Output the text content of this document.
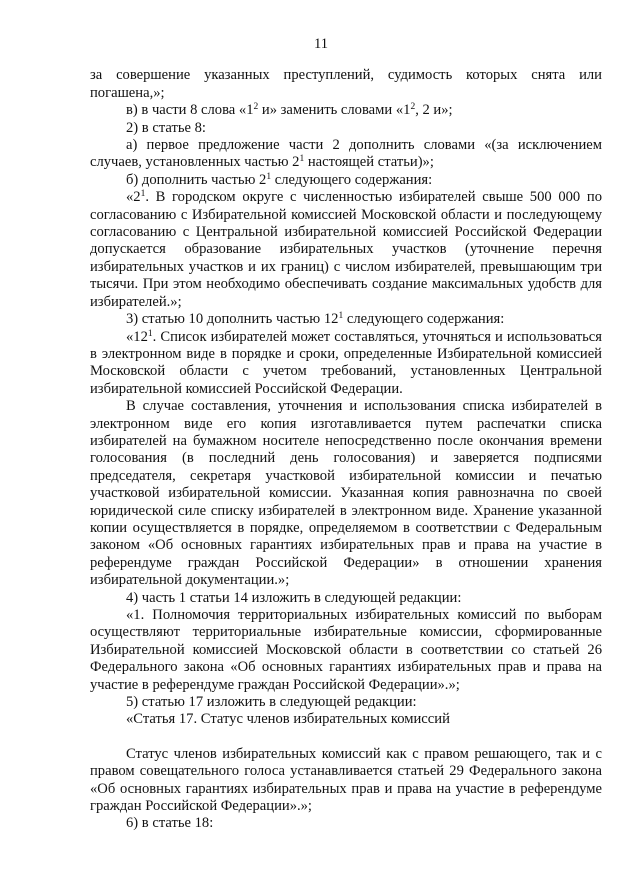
11

за совершение указанных преступлений, судимость которых снята или погашена,»;

в) в части 8 слова «$1^2$ и» заменить словами «$1^2$, 2 и»;

2) в статье 8:

а) первое предложение части 2 дополнить словами «(за исключением случаев, установленных частью $2^1$ настоящей статьи)»;

б) дополнить частью $2^1$ следующего содержания:

«$2^1$. В городском округе с численностью избирателей свыше 500 000 по согласованию с Избирательной комиссией Московской области и последующему согласованию с Центральной избирательной комиссией Российской Федерации допускается образование избирательных участков (уточнение перечня избирательных участков и их границ) с числом избирателей, превышающим три тысячи. При этом необходимо обеспечивать создание максимальных удобств для избирателей.»;

3) статью 10 дополнить частью $12^1$ следующего содержания:

«$12^1$. Список избирателей может составляться, уточняться и использоваться в электронном виде в порядке и сроки, определенные Избирательной комиссией Московской области с учетом требований, установленных Центральной избирательной комиссией Российской Федерации.

В случае составления, уточнения и использования списка избирателей в электронном виде его копия изготавливается путем распечатки списка избирателей на бумажном носителе непосредственно после окончания времени голосования (в последний день голосования) и заверяется подписями председателя, секретаря участковой избирательной комиссии и печатью участковой избирательной комиссии. Указанная копия равнозначна по своей юридической силе списку избирателей в электронном виде. Хранение указанной копии осуществляется в порядке, определяемом в соответствии с Федеральным законом «Об основных гарантиях избирательных прав и права на участие в референдуме граждан Российской Федерации» в отношении хранения избирательной документации.»;

4) часть 1 статьи 14 изложить в следующей редакции:

«1. Полномочия территориальных избирательных комиссий по выборам осуществляют территориальные избирательные комиссии, сформированные Избирательной комиссией Московской области в соответствии со статьей 26 Федерального закона «Об основных гарантиях избирательных прав и права на участие в референдуме граждан Российской Федерации».»;

5) статью 17 изложить в следующей редакции:

«Статья 17. Статус членов избирательных комиссий

Статус членов избирательных комиссий как с правом решающего, так и с правом совещательного голоса устанавливается статьей 29 Федерального закона «Об основных гарантиях избирательных прав и права на участие в референдуме граждан Российской Федерации».»;

6) в статье 18:
